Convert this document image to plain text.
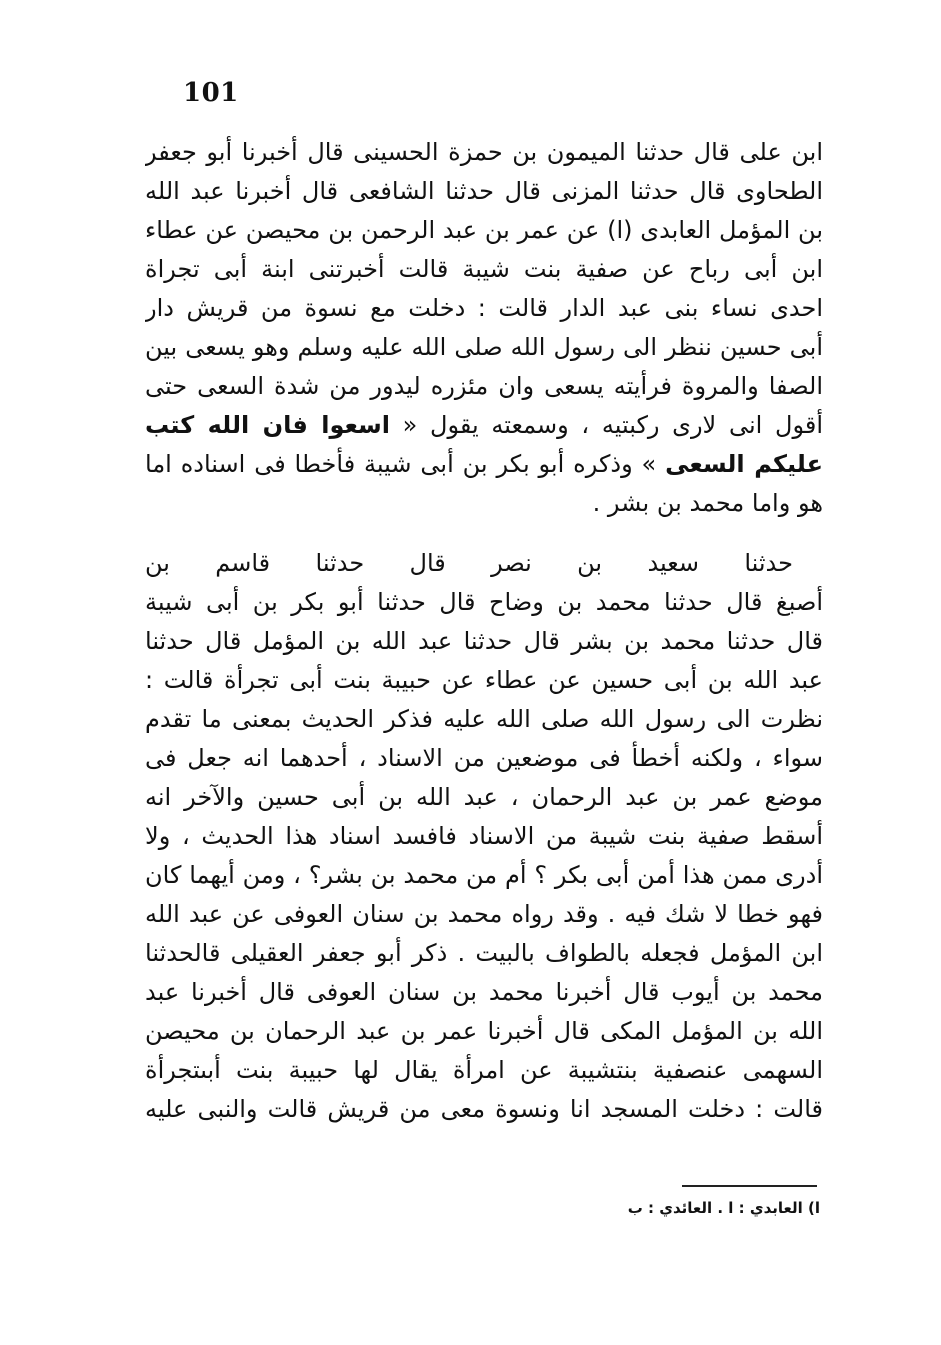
101
ابن على قال حدثنا الميمون بن حمزة الحسينى قال أخبرنا أبو جعفر
الطحاوى قال حدثنا المزنى قال حدثنا الشافعى قال أخبرنا عبد الله
بن المؤمل العابدى (ا) عن عمر بن عبد الرحمن بن محيصن عن عطاء
ابن أبى رباح عن صفية بنت شيبة قالت أخبرتنى ابنة أبى تجراة
احدى نساء بنى عبد الدار قالت : دخلت مع نسوة من قريش دار
أبى حسين ننظر الى رسول الله صلى الله عليه وسلم وهو يسعى بين
الصفا والمروة فرأيته يسعى وان مئزره ليدور من شدة السعى حتى
أقول انى لارى ركبتيه ، وسمعته يقول « اسعوا فان الله كتب
عليكم السعى » وذكره أبو بكر بن أبى شيبة فأخطا فى اسناده اما
هو واما محمد بن بشر .
حدثنا سعيد بن نصر قال حدثنا قاسم بن
أصبغ قال حدثنا محمد بن وضاح قال حدثنا أبو بكر بن أبى شيبة
قال حدثنا محمد بن بشر قال حدثنا عبد الله بن المؤمل قال حدثنا
عبد الله بن أبى حسين عن عطاء عن حبيبة بنت أبى تجرأة قالت :
نظرت الى رسول الله صلى الله عليه فذكر الحديث بمعنى ما تقدم
سواء ، ولكنه أخطأ فى موضعين من الاسناد ، أحدهما انه جعل فى
موضع عمر بن عبد الرحمان ، عبد الله بن أبى حسين والآخر انه
أسقط صفية بنت شيبة من الاسناد فافسد اسناد هذا الحديث ، ولا
أدرى ممن هذا أمن أبى بكر ؟ أم من محمد بن بشر؟ ، ومن أيهما كان
فهو خطا لا شك فيه . وقد رواه محمد بن سنان العوفى عن عبد الله
ابن المؤمل فجعله بالطواف بالبيت . ذكر أبو جعفر العقيلى قالحدثنا
محمد بن أيوب قال أخبرنا محمد بن سنان العوفى قال أخبرنا عبد
الله بن المؤمل المكى قال أخبرنا عمر بن عبد الرحمان بن محيصن
السهمى عنصفية بنتشيبة عن امرأة يقال لها حبيبة بنت أبىتجرأة
قالت : دخلت المسجد انا ونسوة معى من قريش قالت والنبى عليه
ا) العابدي : ا . العائدي : ب
